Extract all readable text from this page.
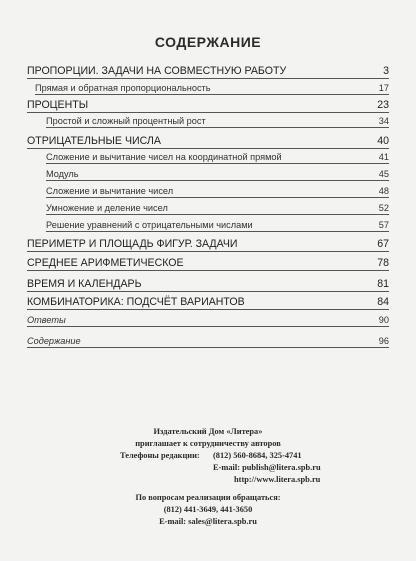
СОДЕРЖАНИЕ
ПРОПОРЦИИ. ЗАДАЧИ НА СОВМЕСТНУЮ РАБОТУ	3
Прямая и обратная пропорциональность	17
ПРОЦЕНТЫ	23
Простой и сложный процентный рост	34
ОТРИЦАТЕЛЬНЫЕ ЧИСЛА	40
Сложение и вычитание чисел на координатной прямой	41
Модуль	45
Сложение и вычитание чисел	48
Умножение и деление чисел	52
Решение уравнений с отрицательными числами	57
ПЕРИМЕТР И ПЛОЩАДЬ ФИГУР. ЗАДАЧИ	67
СРЕДНЕЕ АРИФМЕТИЧЕСКОЕ	78
ВРЕМЯ И КАЛЕНДАРЬ	81
КОМБИНАТОРИКА: ПОДСЧЁТ ВАРИАНТОВ	84
Ответы	90
Содержание	96
Издательский Дом «Литера»
приглашает к сотрудничеству авторов
Телефоны редакции: (812) 560-8684, 325-4741
E-mail: publish@litera.spb.ru
http://www.litera.spb.ru
По вопросам реализации обращаться:
(812) 441-3649, 441-3650
E-mail: sales@litera.spb.ru
